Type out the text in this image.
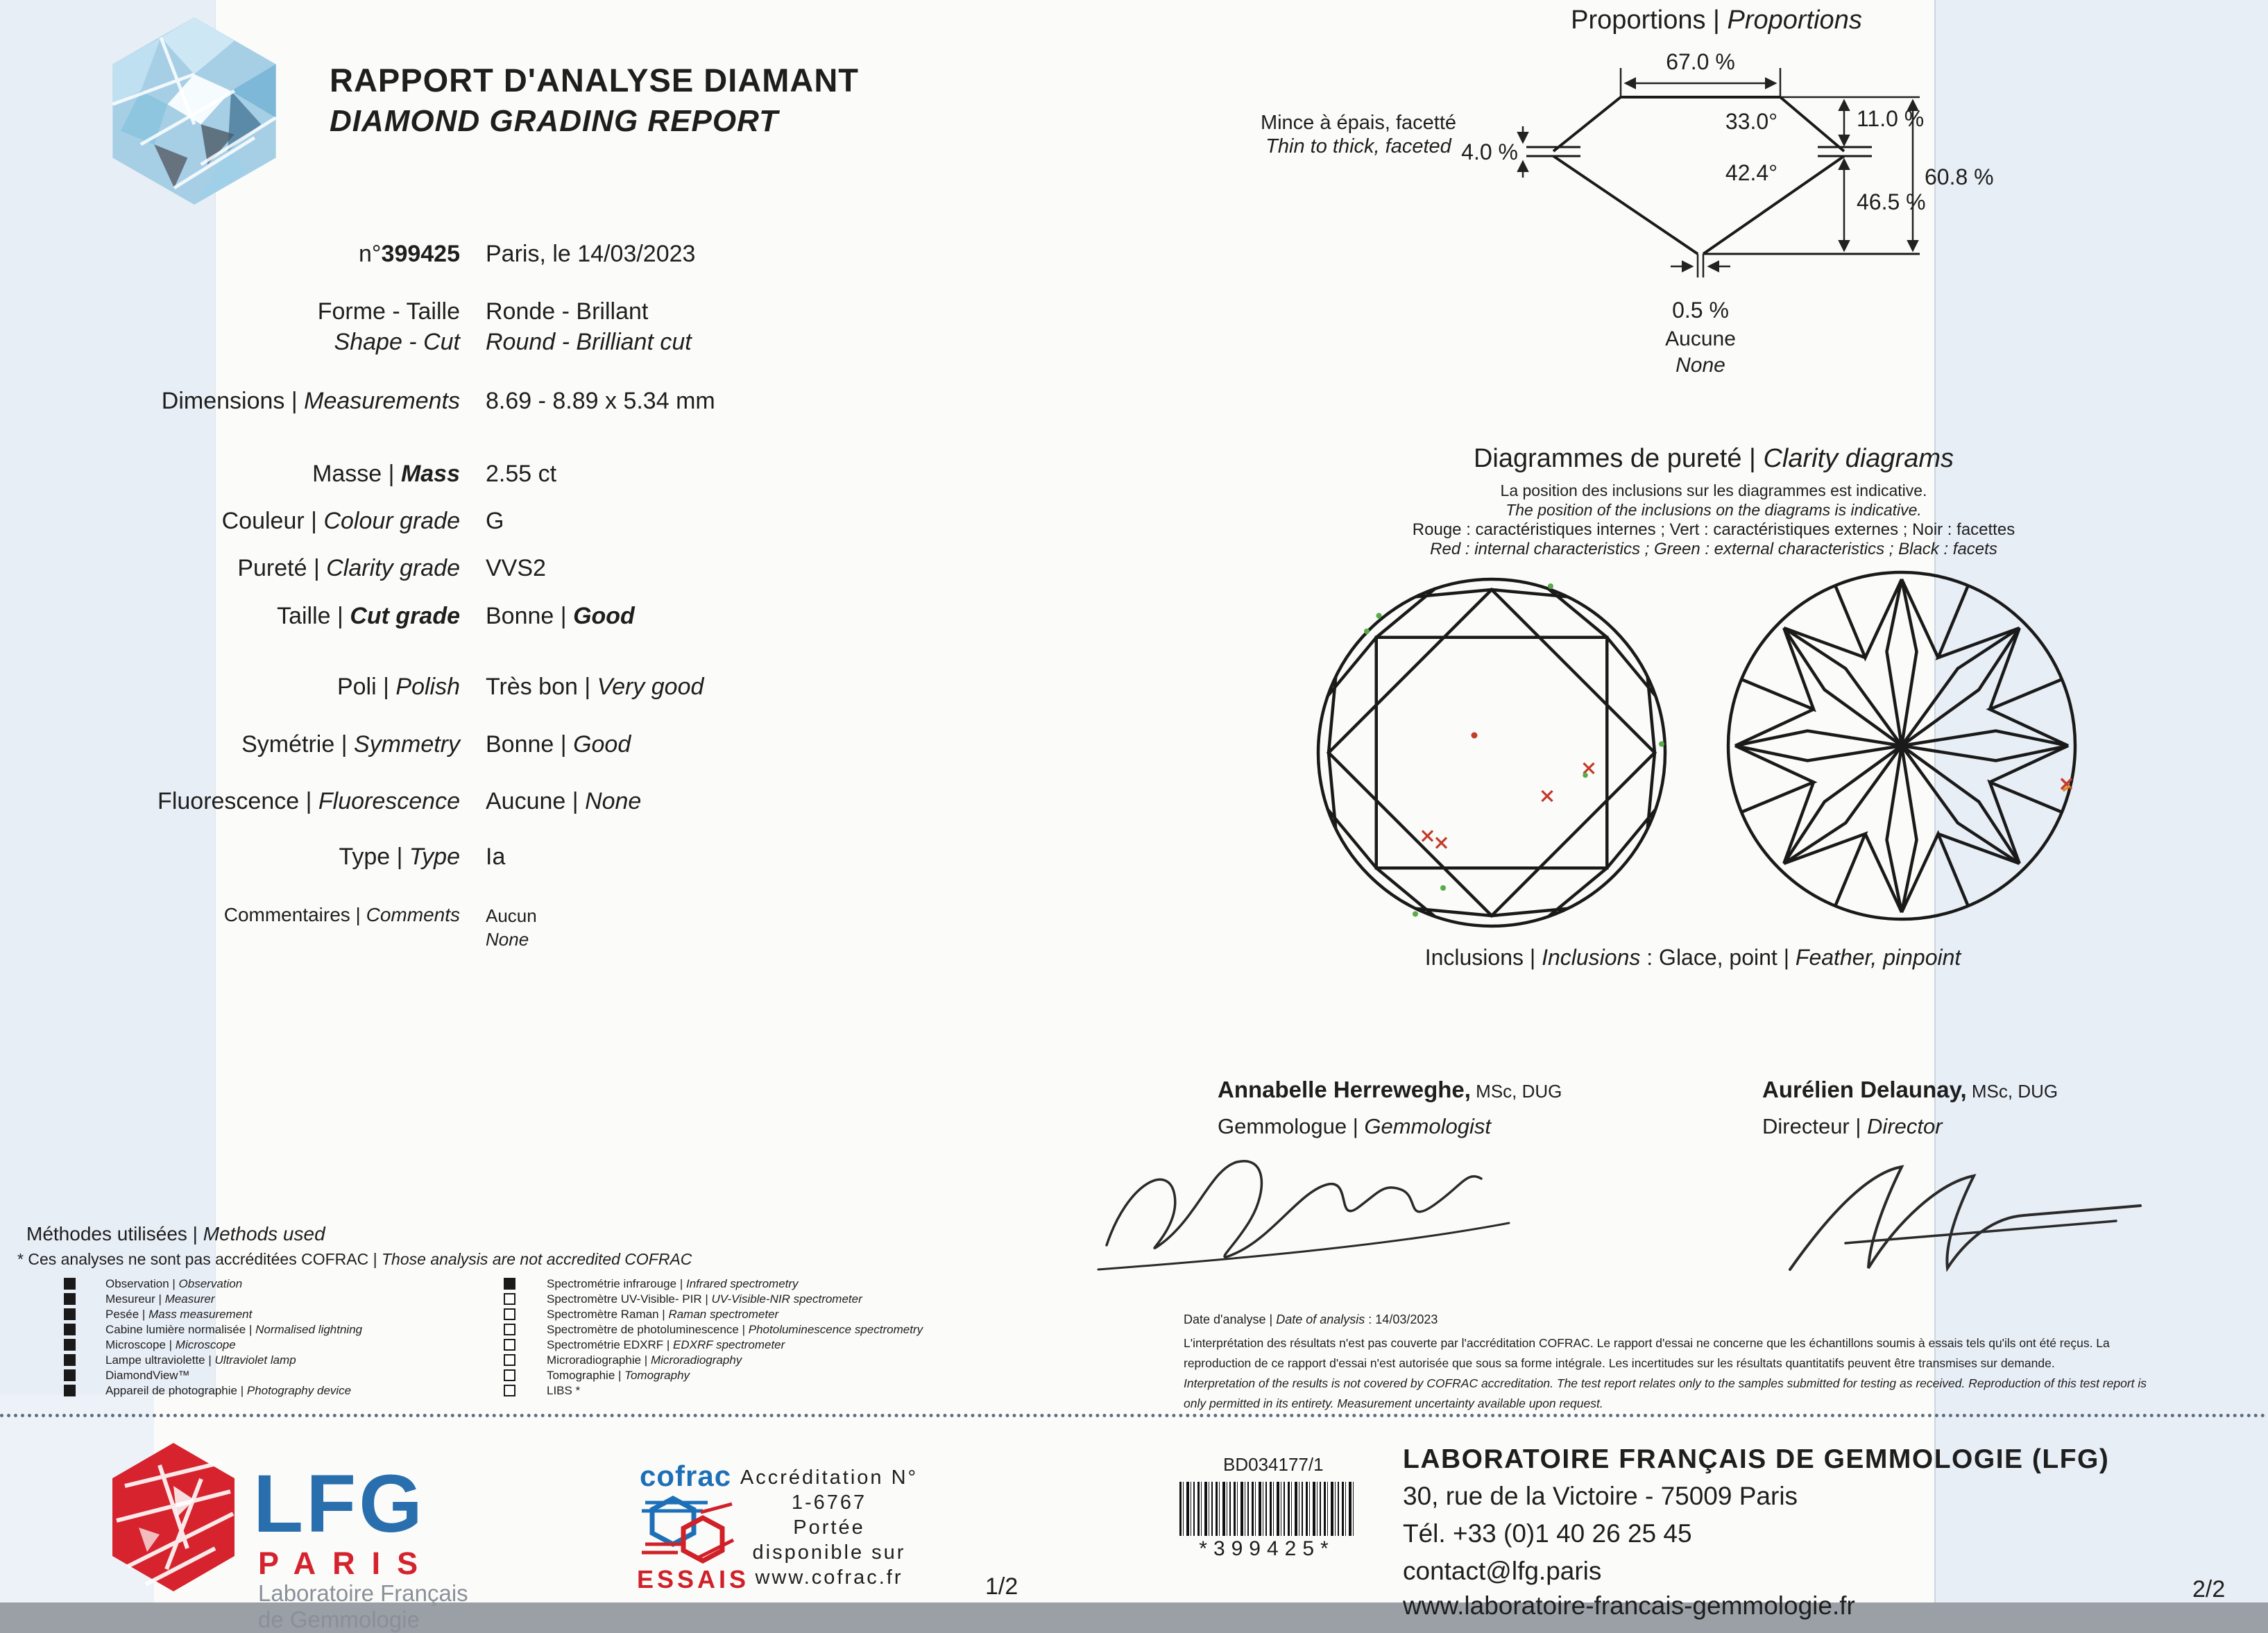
RAPPORT D'ANALYSE DIAMANT
DIAMOND GRADING REPORT
n°399425 Paris, le 14/03/2023
Forme - Taille
Shape - Cut
Ronde - Brillant
Round - Brilliant cut
Dimensions | Measurements 8.69 - 8.89 x 5.34 mm
Masse | Mass 2.55 ct
Couleur | Colour grade G
Pureté | Clarity grade VVS2
Taille | Cut grade Bonne | Good
Poli | Polish Très bon | Very good
Symétrie | Symmetry Bonne | Good
Fluorescence | Fluorescence Aucune | None
Type | Type Ia
Commentaires | Comments Aucun
None
Proportions | Proportions
67.0 %
0.5 %
Aucune
None
11.0 %
46.5 %
33.0°
42.4°	60.8 %
4.0 %
Mince à épais, facetté
Thin to thick, faceted
Diagrammes de pureté | Clarity diagrams
La position des inclusions sur les diagrammes est indicative.
The position of the inclusions on the diagrams is indicative.
Rouge : caractéristiques internes ; Vert : caractéristiques externes ; Noir : facettes
Red : internal characteristics ; Green : external characteristics ; Black : facets
Inclusions | Inclusions : Glace, point | Feather, pinpoint
Annabelle Herreweghe, MSc, DUG
Gemmologue | Gemmologist
Aurélien Delaunay, MSc, DUG
Directeur | Director
Méthodes utilisées | Methods used
* Ces analyses ne sont pas accréditées COFRAC | Those analysis are not accredited COFRAC
Observation | Observation
Mesureur | Measurer
Pesée | Mass measurement
Cabine lumière normalisée | Normalised lightning
Microscope | Microscope
Lampe ultraviolette | Ultraviolet lamp
DiamondView™
Appareil de photographie | Photography device
Spectrométrie infrarouge | Infrared spectrometry
Spectromètre UV-Visible- PIR | UV-Visible-NIR spectrometer
Spectromètre Raman | Raman spectrometer
Spectromètre de photoluminescence | Photoluminescence spectrometry
Spectrométrie EDXRF | EDXRF spectrometer
Microradiographie | Microradiography
Tomographie | Tomography
LIBS *
Date d'analyse | Date of analysis : 14/03/2023
L'interprétation des résultats n'est pas couverte par l'accréditation COFRAC. Le rapport d'essai ne concerne que les échantillons soumis à essais tels qu'ils ont été reçus. La
reproduction de ce rapport d'essai n'est autorisée que sous sa forme intégrale. Les incertitudes sur les résultats quantitatifs peuvent être transmises sur demande.
Interpretation of the results is not covered by COFRAC accreditation. The test report relates only to the samples submitted for testing as received. Reproduction of this test report is
only permitted in its entirety. Measurement uncertainty available upon request.
LFG
PARIS
Laboratoire Français
de Gemmologie
cofrac
ESSAIS
Accréditation N°
1-6767
Portée
disponible sur
www.cofrac.fr	1/2
BD034177/1
*399425*
LABORATOIRE FRANÇAIS DE GEMMOLOGIE (LFG)
30, rue de la Victoire - 75009 Paris
Tél. +33 (0)1 40 26 25 45
contact@lfg.paris
www.laboratoire-francais-gemmologie.fr
2/2
